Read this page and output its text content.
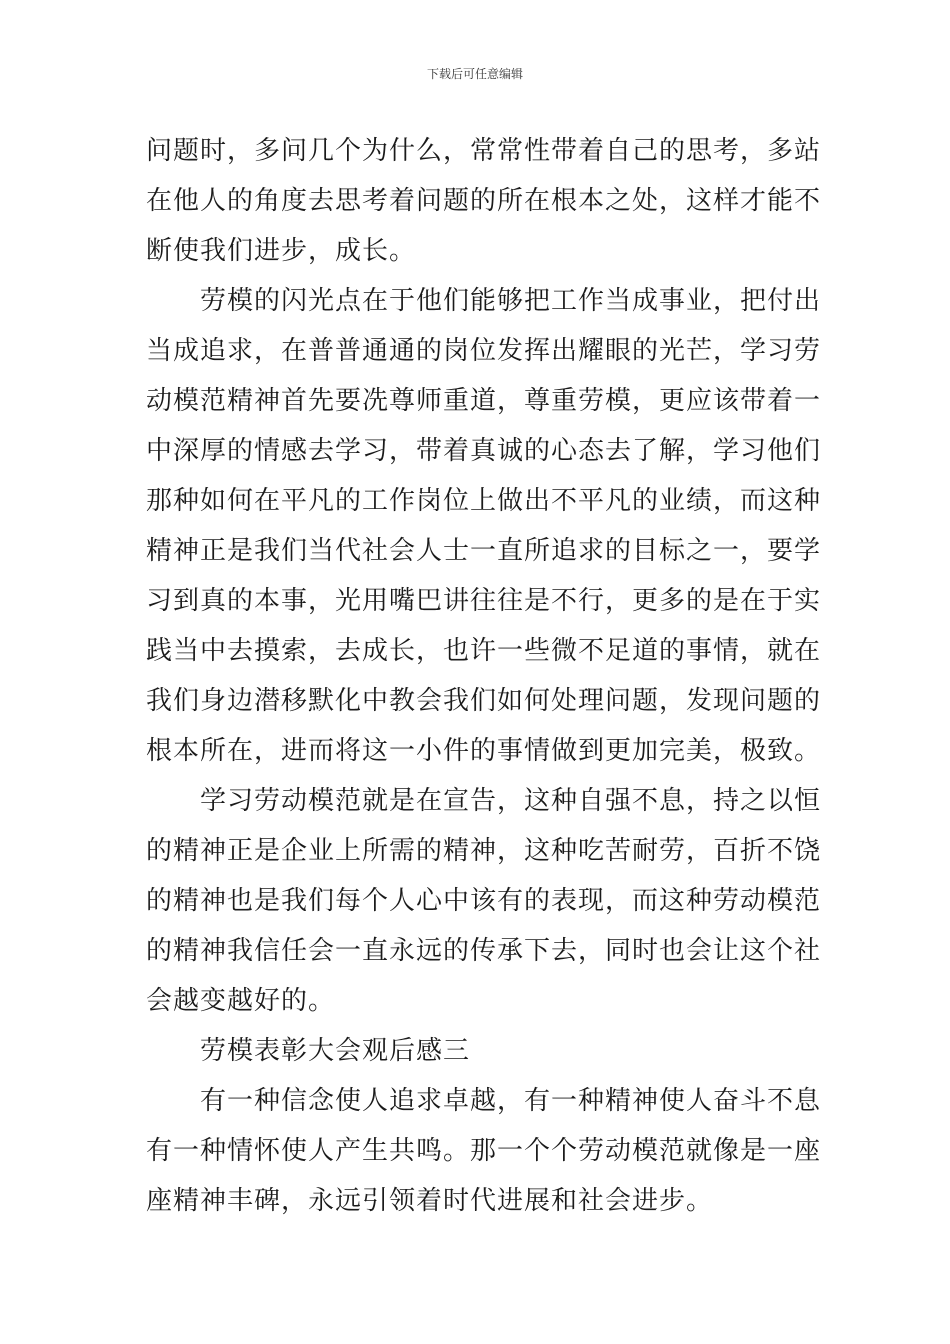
下载后可任意编辑
问题时，多问几个为什么，常常性带着自己的思考，多站
在他人的角度去思考着问题的所在根本之处，这样才能不
断使我们进步，成长。
劳模的闪光点在于他们能够把工作当成事业，把付出
当成追求，在普普通通的岗位发挥出耀眼的光芒，学习劳
动模范精神首先要冼尊师重道，尊重劳模，更应该带着一
中深厚的情感去学习，带着真诚的心态去了解，学习他们
那种如何在平凡的工作岗位上做出不平凡的业绩，而这种
精神正是我们当代社会人士一直所追求的目标之一，要学
习到真的本事，光用嘴巴讲往往是不行，更多的是在于实
践当中去摸索，去成长，也许一些微不足道的事情，就在
我们身边潜移默化中教会我们如何处理问题，发现问题的
根本所在，进而将这一小件的事情做到更加完美，极致。
学习劳动模范就是在宣告，这种自强不息，持之以恒
的精神正是企业上所需的精神，这种吃苦耐劳，百折不饶
的精神也是我们每个人心中该有的表现，而这种劳动模范
的精神我信任会一直永远的传承下去，同时也会让这个社
会越变越好的。
劳模表彰大会观后感三
有一种信念使人追求卓越，有一种精神使人奋斗不息
有一种情怀使人产生共鸣。那一个个劳动模范就像是一座
座精神丰碑，永远引领着时代进展和社会进步。
